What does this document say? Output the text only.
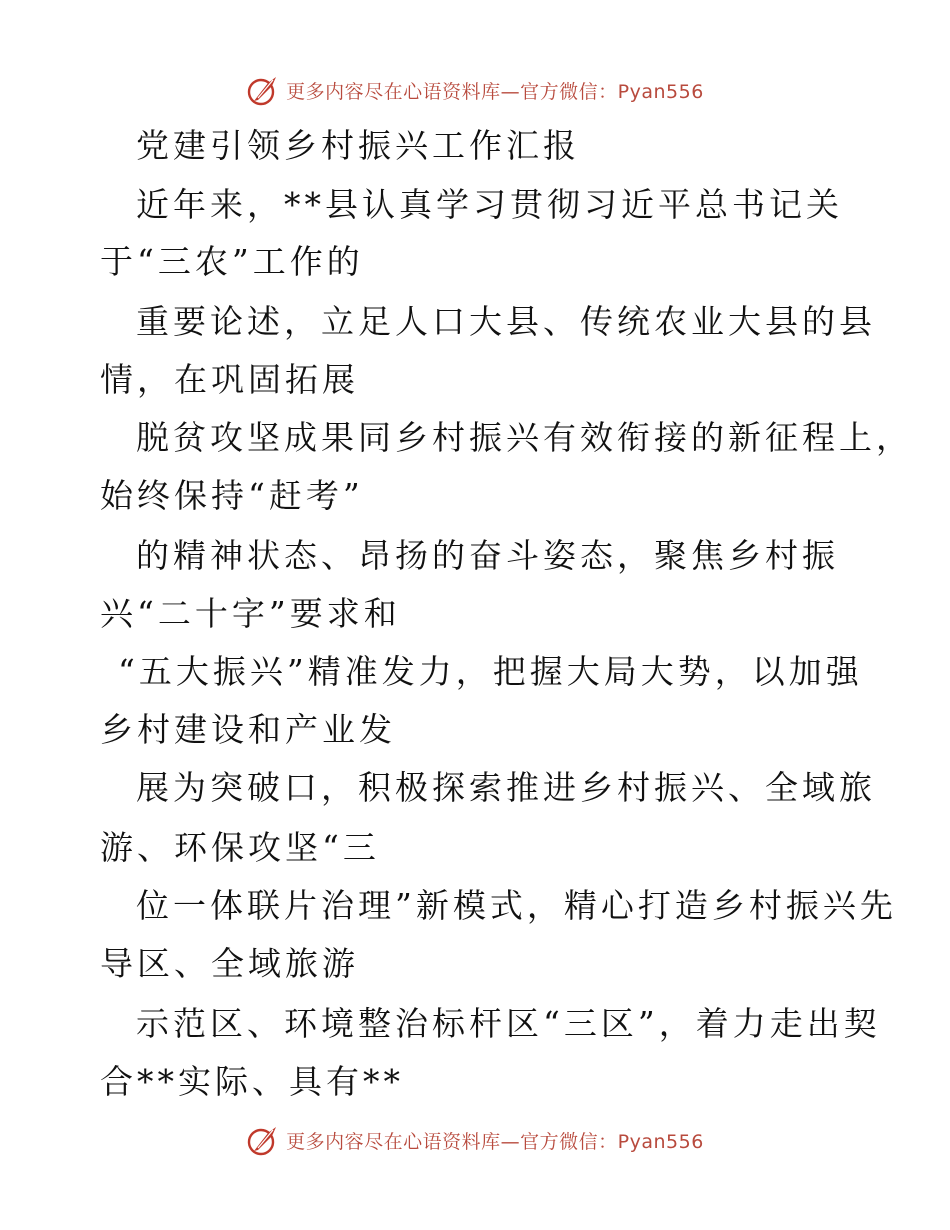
更多内容尽在心语资料库—官方微信：Pyan556
党建引领乡村振兴工作汇报
近年来，**县认真学习贯彻习近平总书记关
于“三农”工作的
重要论述，立足人口大县、传统农业大县的县
情，在巩固拓展
脱贫攻坚成果同乡村振兴有效衔接的新征程上，
始终保持“赶考”
的精神状态、昂扬的奋斗姿态，聚焦乡村振
兴“二十字”要求和
“五大振兴”精准发力，把握大局大势，以加强
乡村建设和产业发
展为突破口，积极探索推进乡村振兴、全域旅
游、环保攻坚“三
位一体联片治理”新模式，精心打造乡村振兴先
导区、全域旅游
示范区、环境整治标杆区“三区”，着力走出契
合**实际、具有**
更多内容尽在心语资料库—官方微信：Pyan556
